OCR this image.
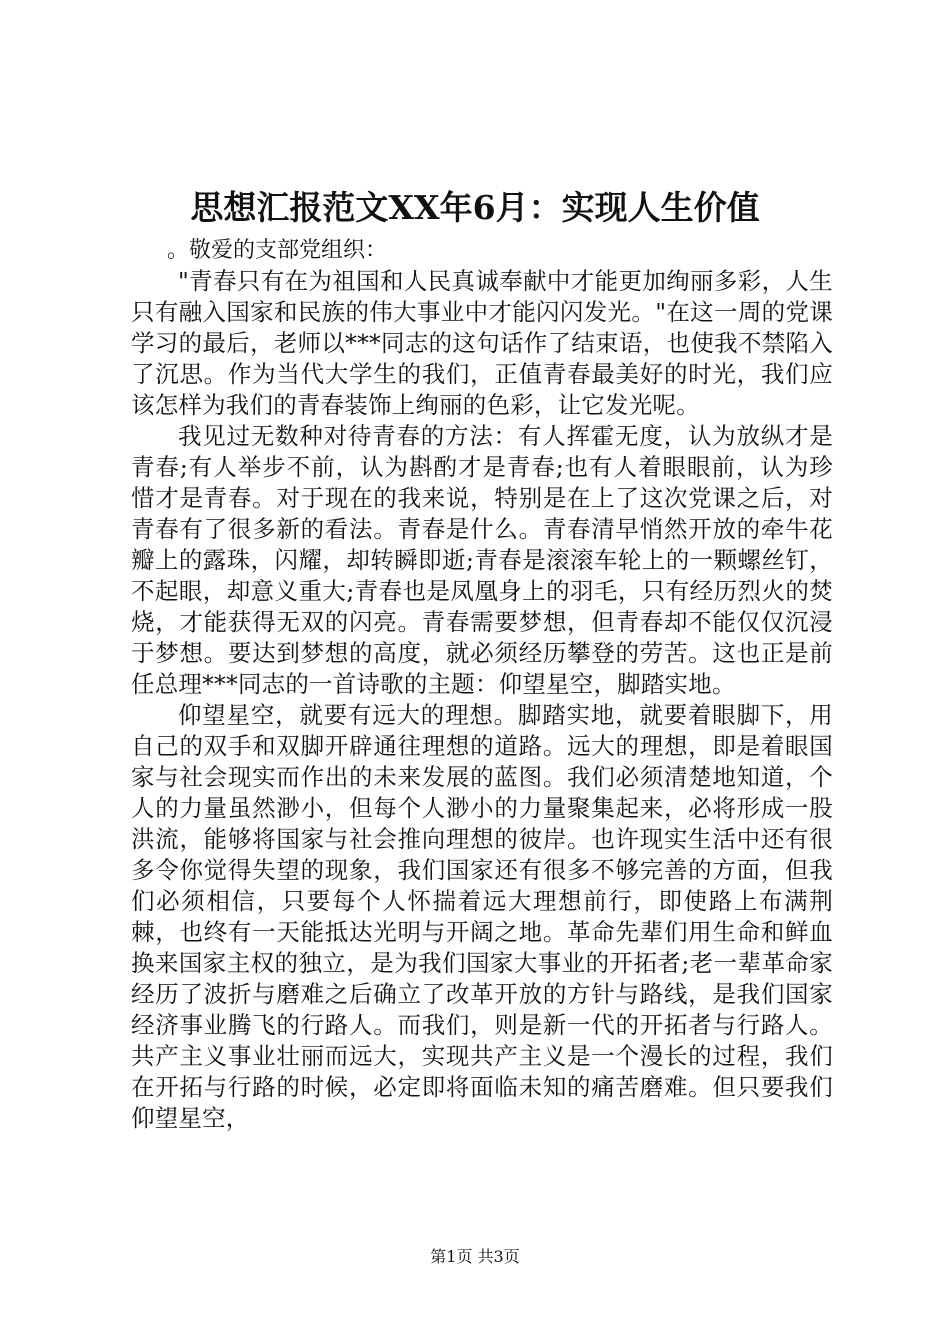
思想汇报范文XX年6月：实现人生价值

。敬爱的支部党组织：

"青春只有在为祖国和人民真诚奉献中才能更加绚丽多彩，人生只有融入国家和民族的伟大事业中才能闪闪发光。"在这一周的党课学习的最后，老师以***同志的这句话作了结束语，也使我不禁陷入了沉思。作为当代大学生的我们，正值青春最美好的时光，我们应该怎样为我们的青春装饰上绚丽的色彩，让它发光呢。

我见过无数种对待青春的方法：有人挥霍无度，认为放纵才是青春;有人举步不前，认为斟酌才是青春;也有人着眼眼前，认为珍惜才是青春。对于现在的我来说，特别是在上了这次党课之后，对青春有了很多新的看法。青春是什么。青春清早悄然开放的牵牛花瓣上的露珠，闪耀，却转瞬即逝;青春是滚滚车轮上的一颗螺丝钉，不起眼，却意义重大;青春也是凤凰身上的羽毛，只有经历烈火的焚烧，才能获得无双的闪亮。青春需要梦想，但青春却不能仅仅沉浸于梦想。要达到梦想的高度，就必须经历攀登的劳苦。这也正是前任总理***同志的一首诗歌的主题：仰望星空，脚踏实地。

仰望星空，就要有远大的理想。脚踏实地，就要着眼脚下，用自己的双手和双脚开辟通往理想的道路。远大的理想，即是着眼国家与社会现实而作出的未来发展的蓝图。我们必须清楚地知道，个人的力量虽然渺小，但每个人渺小的力量聚集起来，必将形成一股洪流，能够将国家与社会推向理想的彼岸。也许现实生活中还有很多令你觉得失望的现象，我们国家还有很多不够完善的方面，但我们必须相信，只要每个人怀揣着远大理想前行，即使路上布满荆棘，也终有一天能抵达光明与开阔之地。革命先辈们用生命和鲜血换来国家主权的独立，是为我们国家大事业的开拓者;老一辈革命家经历了波折与磨难之后确立了改革开放的方针与路线，是我们国家经济事业腾飞的行路人。而我们，则是新一代的开拓者与行路人。共产主义事业壮丽而远大，实现共产主义是一个漫长的过程，我们在开拓与行路的时候，必定即将面临未知的痛苦磨难。但只要我们仰望星空，

第1页 共3页
